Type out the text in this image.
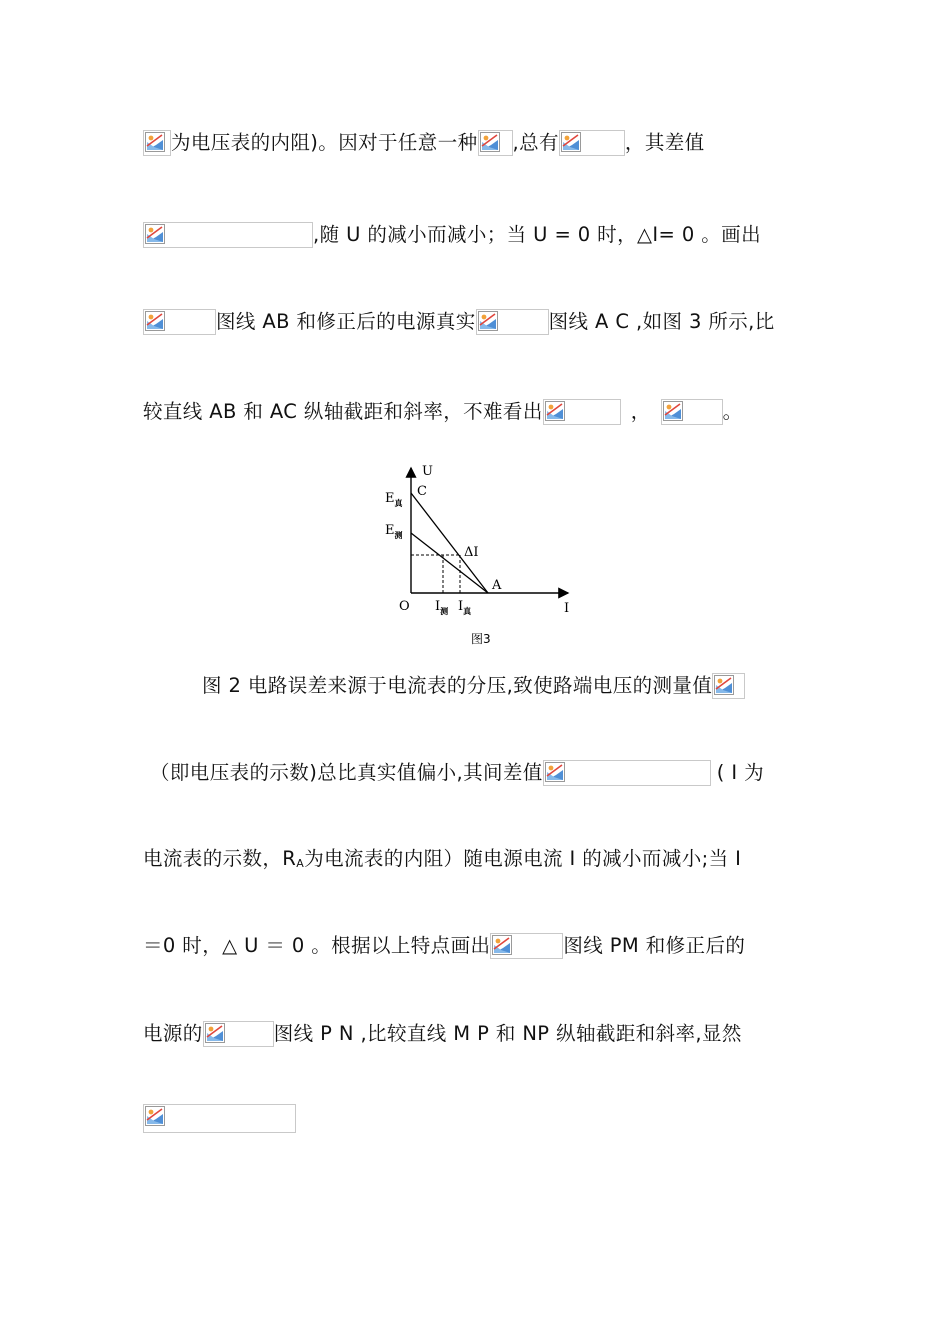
为电压表的内阻)。因对于任意一种 ,总有	，其差值
,随 U 的减小而减小；当 U = 0 时，△I= 0 。画出
图线 AB 和修正后的电源真实	图线 A C ,如图 3 所示,比
较直线 AB 和 AC 纵轴截距和斜率，不难看出	，	。
U
C
$E_真$
$E_测$
ΔI
A
O $I_测$ $I_真$	I
图3
图 2 电路误差来源于电流表的分压,致使路端电压的测量值
（即电压表的示数)总比真实值偏小,其间差值	( I 为
电流表的示数，$R_A$为电流表的内阻）随电源电流 I 的减小而减小;当 I
＝0 时，△ U ＝ 0 。根据以上特点画出	图线 PM 和修正后的
电源的	图线 P N ,比较直线 M P 和 NP 纵轴截距和斜率,显然
